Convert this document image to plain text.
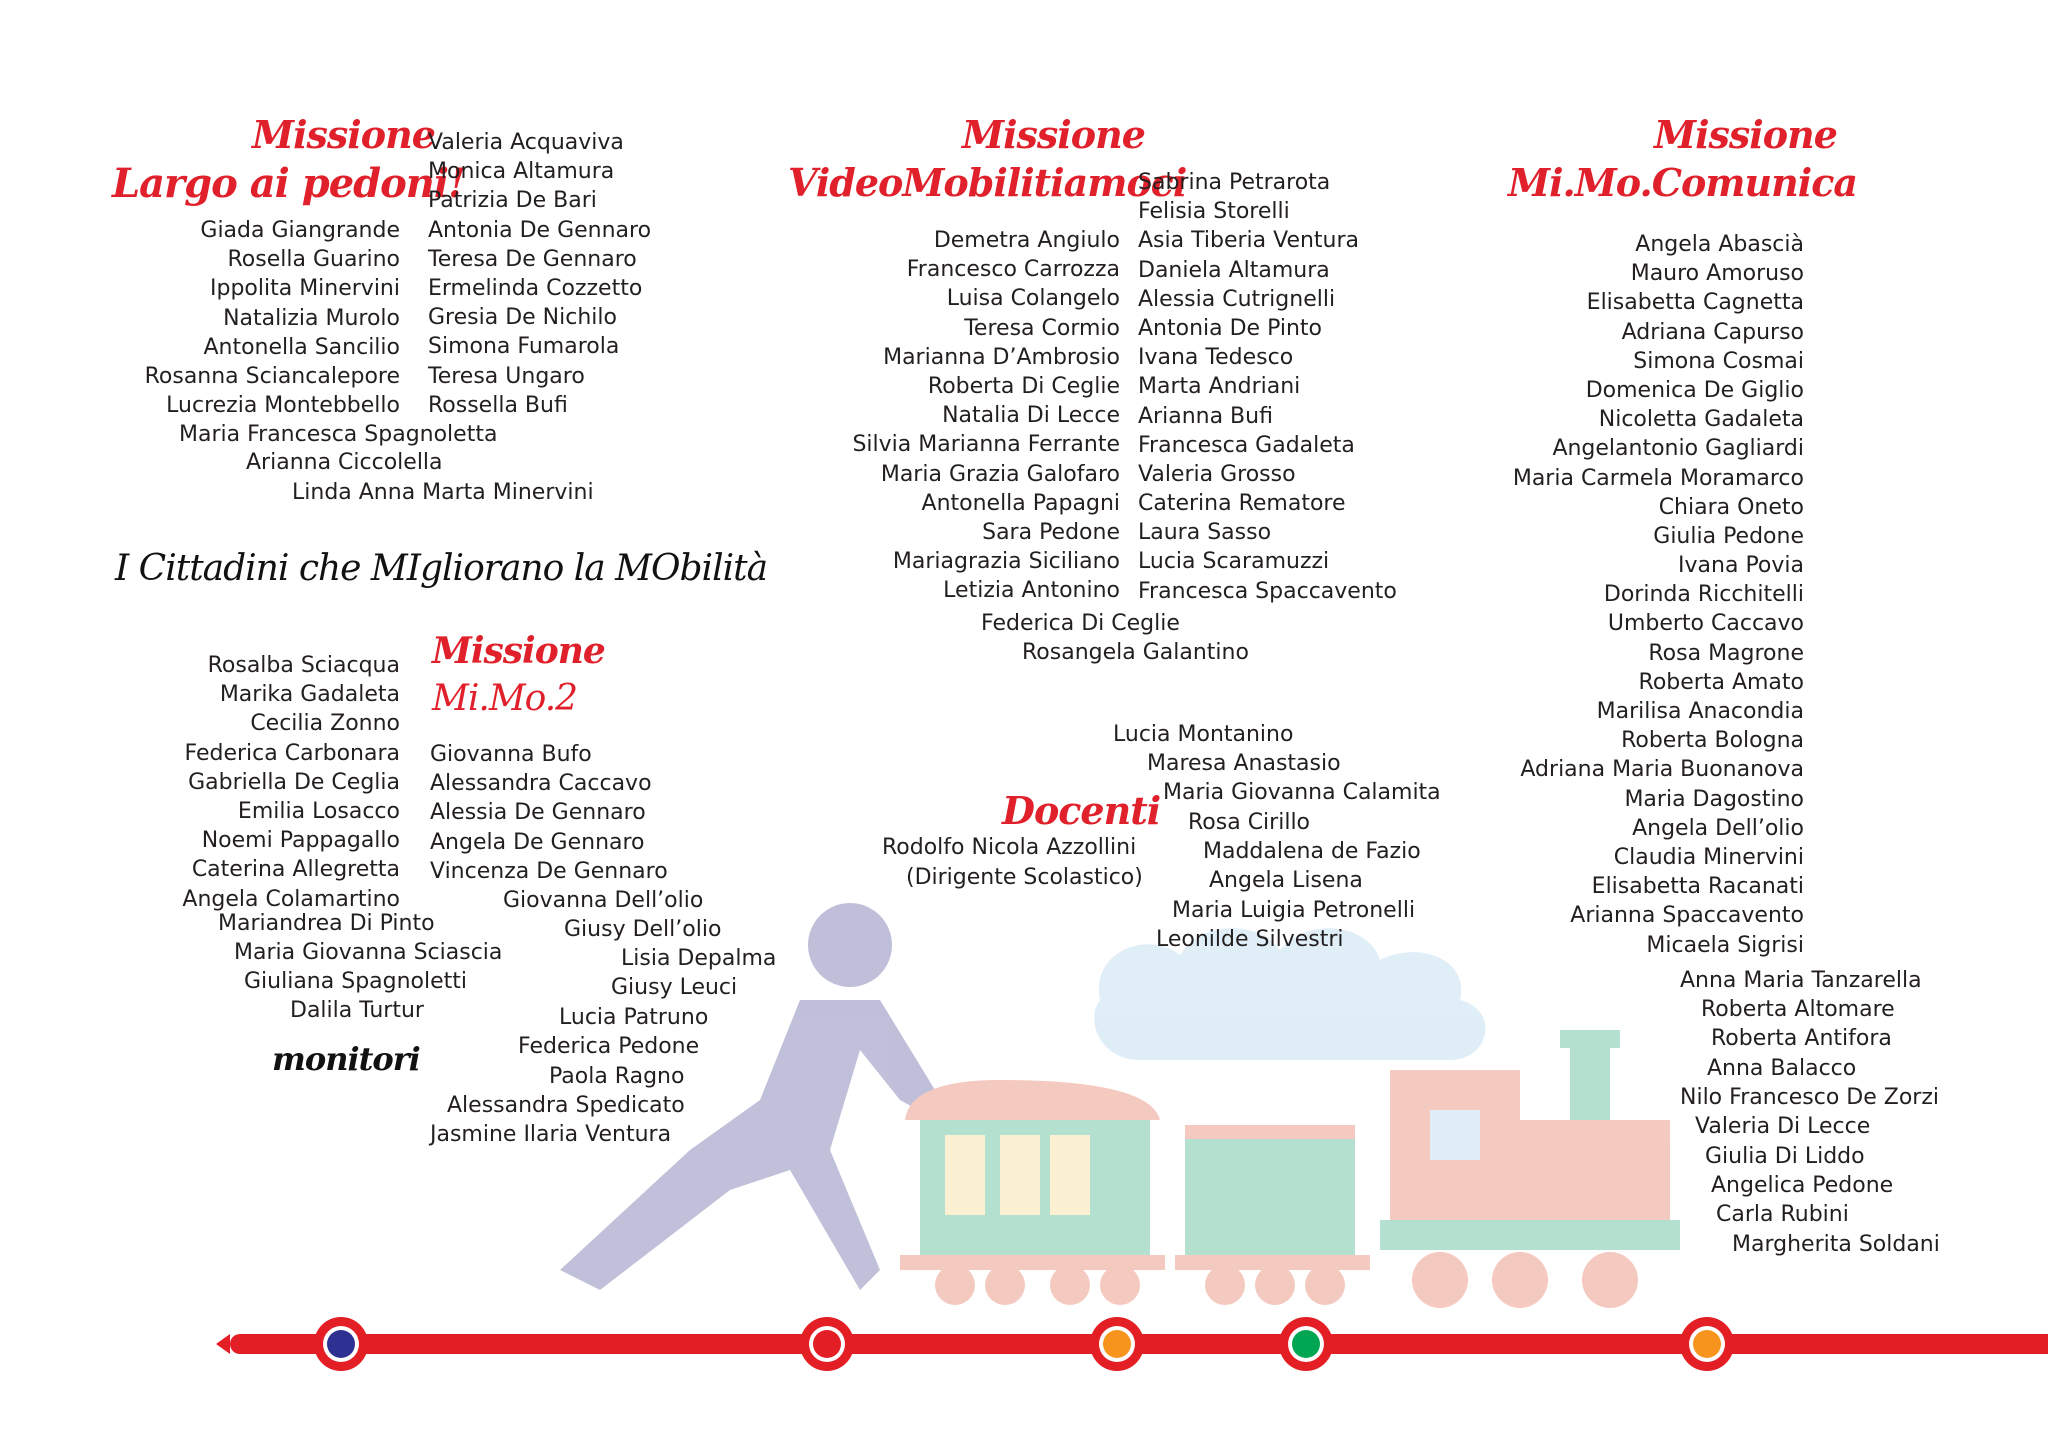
Missione
Largo ai pedoni!
Valeria Acquaviva
Monica Altamura
Patrizia De Bari
Antonia De Gennaro
Teresa De Gennaro
Ermelinda Cozzetto
Gresia De Nichilo
Simona Fumarola
Teresa Ungaro
Rossella Bufi
Giada Giangrande
Rosella Guarino
Ippolita Minervini
Natalizia Murolo
Antonella Sancilio
Rosanna Sciancalepore
Lucrezia Montebbello
Maria Francesca Spagnoletta
Arianna Ciccolella
Linda Anna Marta Minervini
I Cittadini che MIgliorano la MObilità
Missione
Mi.Mo.2
Rosalba Sciacqua
Marika Gadaleta
Cecilia Zonno
Federica Carbonara
Gabriella De Ceglia
Emilia Losacco
Noemi Pappagallo
Caterina Allegretta
Angela Colamartino
Mariandrea Di Pinto
Maria Giovanna Sciascia
Giuliana Spagnoletti
Dalila Turtur
Giovanna Bufo
Alessandra Caccavo
Alessia De Gennaro
Angela De Gennaro
Vincenza De Gennaro
Giovanna Dell’olio
Giusy Dell’olio
Lisia Depalma
Giusy Leuci
Lucia Patruno
Federica Pedone
Paola Ragno
Alessandra Spedicato
Jasmine Ilaria Ventura
monitori
Missione
VideoMobilitiamoci
Sabrina Petrarota
Felisia Storelli
Asia Tiberia Ventura
Daniela Altamura
Alessia Cutrignelli
Antonia De Pinto
Ivana Tedesco
Marta Andriani
Arianna Bufi
Francesca Gadaleta
Valeria Grosso
Caterina Rematore
Laura Sasso
Lucia Scaramuzzi
Francesca Spaccavento
Demetra Angiulo
Francesco Carrozza
Luisa Colangelo
Teresa Cormio
Marianna D’Ambrosio
Roberta Di Ceglie
Natalia Di Lecce
Silvia Marianna Ferrante
Maria Grazia Galofaro
Antonella Papagni
Sara Pedone
Mariagrazia Siciliano
Letizia Antonino
Federica Di Ceglie
Rosangela Galantino
Docenti
Rodolfo Nicola Azzollini
(Dirigente Scolastico)
Lucia Montanino
Maresa Anastasio
Maria Giovanna Calamita
Rosa Cirillo
Maddalena de Fazio
Angela Lisena
Maria Luigia Petronelli
Leonilde Silvestri
Missione
Mi.Mo.Comunica
Angela Abascià
Mauro Amoruso
Elisabetta Cagnetta
Adriana Capurso
Simona Cosmai
Domenica De Giglio
Nicoletta Gadaleta
Angelantonio Gagliardi
Maria Carmela Moramarco
Chiara Oneto
Giulia Pedone
Ivana Povia
Dorinda Ricchitelli
Umberto Caccavo
Rosa Magrone
Roberta Amato
Marilisa Anacondia
Roberta Bologna
Adriana Maria Buonanova
Maria Dagostino
Angela Dell’olio
Claudia Minervini
Elisabetta Racanati
Arianna Spaccavento
Micaela Sigrisi
Anna Maria Tanzarella
Roberta Altomare
Roberta Antifora
Anna Balacco
Nilo Francesco De Zorzi
Valeria Di Lecce
Giulia Di Liddo
Angelica Pedone
Carla Rubini
Margherita Soldani
